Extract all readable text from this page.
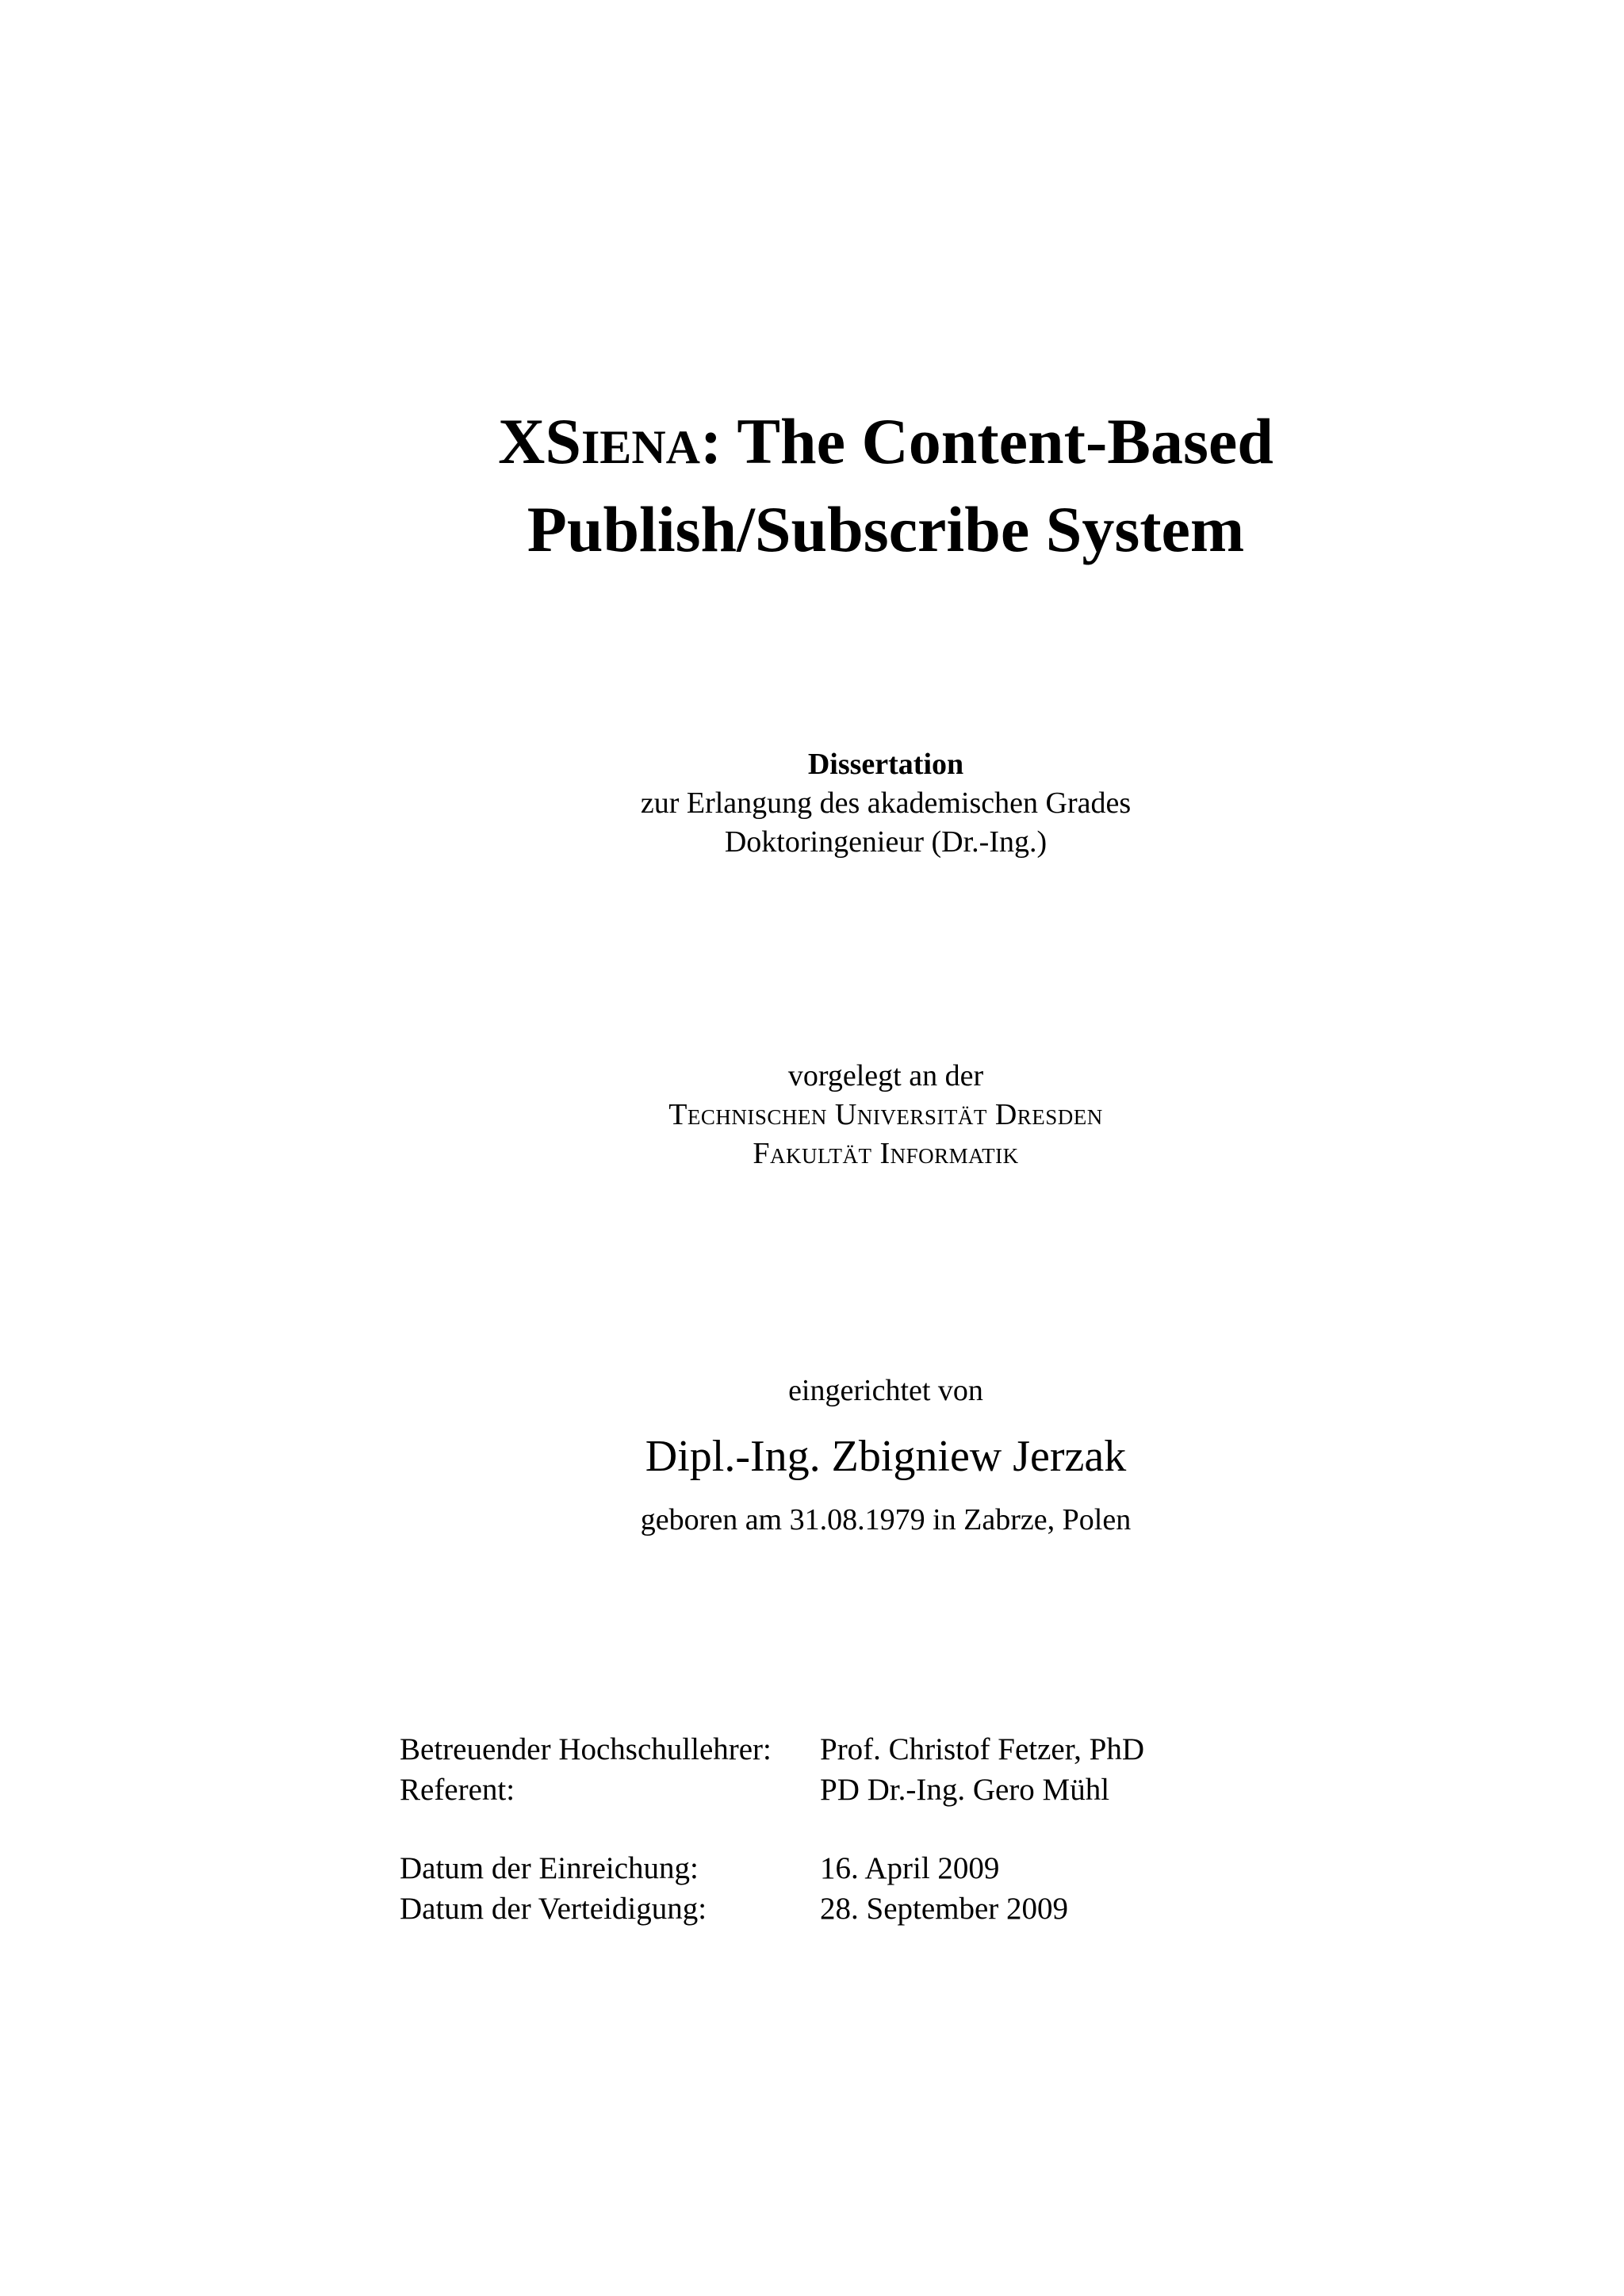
XSIENA: The Content-Based
Publish/Subscribe System
Dissertation
zur Erlangung des akademischen Grades
Doktoringenieur (Dr.-Ing.)
vorgelegt an der
Technischen Universität Dresden
Fakultät Informatik
eingerichtet von
Dipl.-Ing. Zbigniew Jerzak
geboren am 31.08.1979 in Zabrze, Polen
Betreuender Hochschullehrer:	Prof. Christof Fetzer, PhD
Referent:	PD Dr.-Ing. Gero Mühl
Datum der Einreichung:	16. April 2009
Datum der Verteidigung:	28. September 2009
